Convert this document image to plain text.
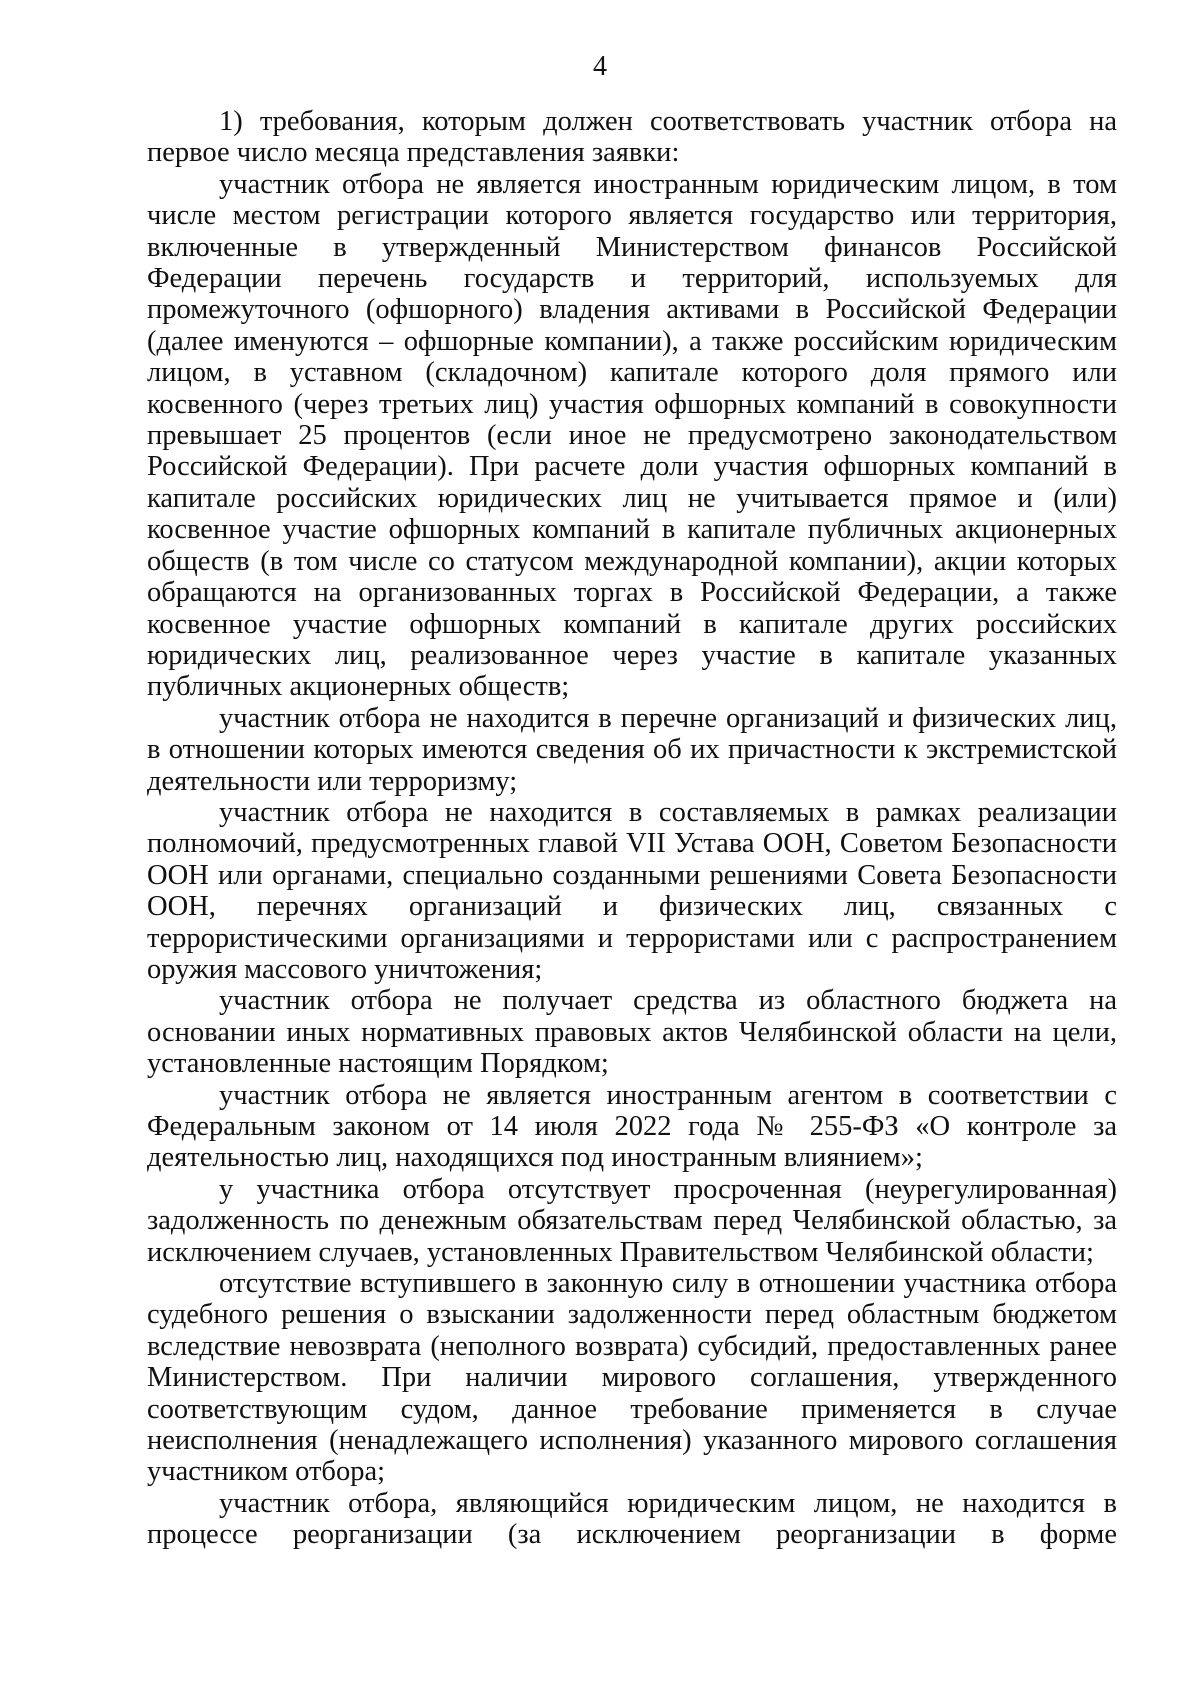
4

1) требования, которым должен соответствовать участник отбора на первое число месяца представления заявки:

участник отбора не является иностранным юридическим лицом, в том числе местом регистрации которого является государство или территория, включенные в утвержденный Министерством финансов Российской Федерации перечень государств и территорий, используемых для промежуточного (офшорного) владения активами в Российской Федерации (далее именуются – офшорные компании), а также российским юридическим лицом, в уставном (складочном) капитале которого доля прямого или косвенного (через третьих лиц) участия офшорных компаний в совокупности превышает 25 процентов (если иное не предусмотрено законодательством Российской Федерации). При расчете доли участия офшорных компаний в капитале российских юридических лиц не учитывается прямое и (или) косвенное участие офшорных компаний в капитале публичных акционерных обществ (в том числе со статусом международной компании), акции которых обращаются на организованных торгах в Российской Федерации, а также косвенное участие офшорных компаний в капитале других российских юридических лиц, реализованное через участие в капитале указанных публичных акционерных обществ;

участник отбора не находится в перечне организаций и физических лиц, в отношении которых имеются сведения об их причастности к экстремистской деятельности или терроризму;

участник отбора не находится в составляемых в рамках реализации полномочий, предусмотренных главой VII Устава ООН, Советом Безопасности ООН или органами, специально созданными решениями Совета Безопасности ООН, перечнях организаций и физических лиц, связанных с террористическими организациями и террористами или с распространением оружия массового уничтожения;

участник отбора не получает средства из областного бюджета на основании иных нормативных правовых актов Челябинской области на цели, установленные настоящим Порядком;

участник отбора не является иностранным агентом в соответствии с Федеральным законом от 14 июля 2022 года № 255-ФЗ «О контроле за деятельностью лиц, находящихся под иностранным влиянием»;

у участника отбора отсутствует просроченная (неурегулированная) задолженность по денежным обязательствам перед Челябинской областью, за исключением случаев, установленных Правительством Челябинской области;

отсутствие вступившего в законную силу в отношении участника отбора судебного решения о взыскании задолженности перед областным бюджетом вследствие невозврата (неполного возврата) субсидий, предоставленных ранее Министерством. При наличии мирового соглашения, утвержденного соответствующим судом, данное требование применяется в случае неисполнения (ненадлежащего исполнения) указанного мирового соглашения участником отбора;

участник отбора, являющийся юридическим лицом, не находится в процессе реорганизации (за исключением реорганизации в форме
